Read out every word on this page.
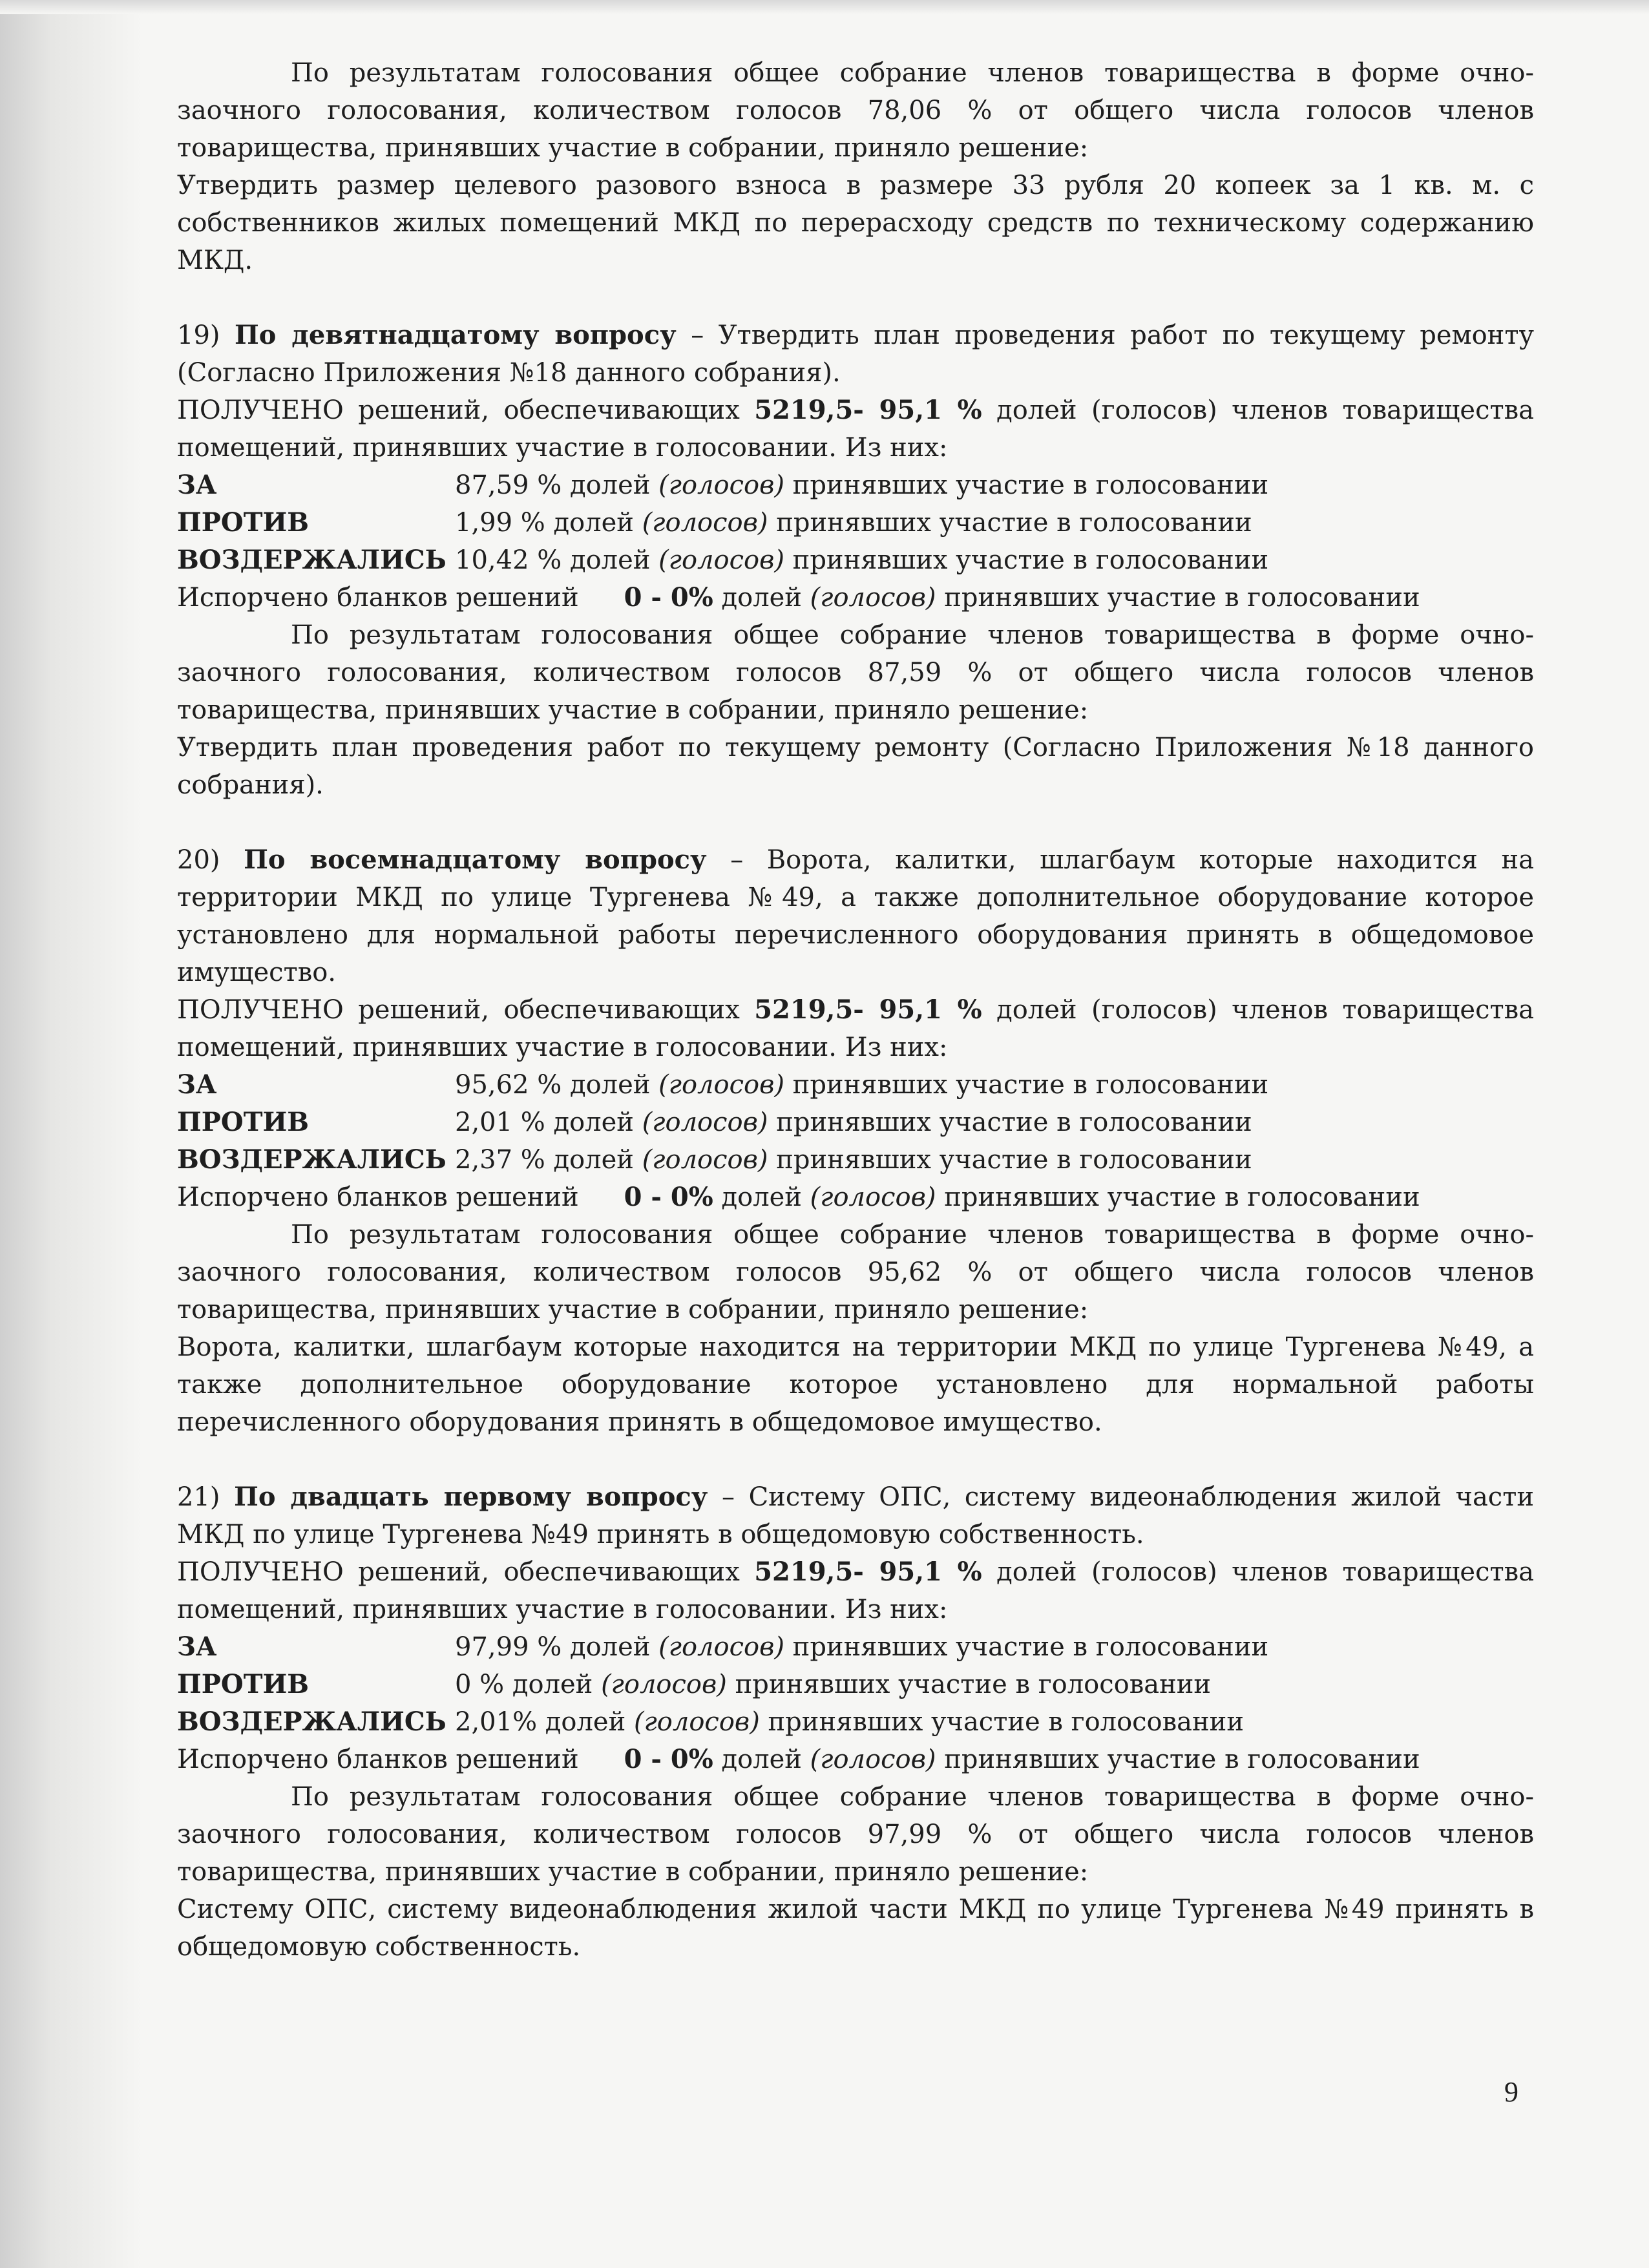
По результатам голосования общее собрание членов товарищества в форме очно-заочного голосования, количеством голосов 78,06 % от общего числа голосов членов товарищества, принявших участие в собрании, приняло решение:

Утвердить размер целевого разового взноса в размере 33 рубля 20 копеек за 1 кв. м. с собственников жилых помещений МКД по перерасходу средств по техническому содержанию МКД.

19) По девятнадцатому вопросу – Утвердить план проведения работ по текущему ремонту (Согласно Приложения №18 данного собрания).

ПОЛУЧЕНО решений, обеспечивающих 5219,5- 95,1 % долей (голосов) членов товарищества помещений, принявших участие в голосовании. Из них:

ЗА	87,59 % долей (голосов) принявших участие в голосовании
ПРОТИВ	1,99 % долей (голосов) принявших участие в голосовании
ВОЗДЕРЖАЛИСЬ 10,42 % долей (голосов) принявших участие в голосовании

Испорчено бланков решений 0 - 0% долей (голосов) принявших участие в голосовании

По результатам голосования общее собрание членов товарищества в форме очно-заочного голосования, количеством голосов 87,59 % от общего числа голосов членов товарищества, принявших участие в собрании, приняло решение:

Утвердить план проведения работ по текущему ремонту (Согласно Приложения №18 данного собрания).

20) По восемнадцатому вопросу – Ворота, калитки, шлагбаум которые находится на территории МКД по улице Тургенева №49, а также дополнительное оборудование которое установлено для нормальной работы перечисленного оборудования принять в общедомовое имущество.

ПОЛУЧЕНО решений, обеспечивающих 5219,5- 95,1 % долей (голосов) членов товарищества помещений, принявших участие в голосовании. Из них:

ЗА	95,62 % долей (голосов) принявших участие в голосовании
ПРОТИВ	2,01 % долей (голосов) принявших участие в голосовании
ВОЗДЕРЖАЛИСЬ 2,37 % долей (голосов) принявших участие в голосовании

Испорчено бланков решений 0 - 0% долей (голосов) принявших участие в голосовании

По результатам голосования общее собрание членов товарищества в форме очно-заочного голосования, количеством голосов 95,62 % от общего числа голосов членов товарищества, принявших участие в собрании, приняло решение:

Ворота, калитки, шлагбаум которые находится на территории МКД по улице Тургенева №49, а также дополнительное оборудование которое установлено для нормальной работы перечисленного оборудования принять в общедомовое имущество.

21) По двадцать первому вопросу – Систему ОПС, систему видеонаблюдения жилой части МКД по улице Тургенева №49 принять в общедомовую собственность.

ПОЛУЧЕНО решений, обеспечивающих 5219,5- 95,1 % долей (голосов) членов товарищества помещений, принявших участие в голосовании. Из них:

ЗА	97,99 % долей (голосов) принявших участие в голосовании
ПРОТИВ	0 % долей (голосов) принявших участие в голосовании
ВОЗДЕРЖАЛИСЬ 2,01% долей (голосов) принявших участие в голосовании

Испорчено бланков решений 0 - 0% долей (голосов) принявших участие в голосовании

По результатам голосования общее собрание членов товарищества в форме очно-заочного голосования, количеством голосов 97,99 % от общего числа голосов членов товарищества, принявших участие в собрании, приняло решение:

Систему ОПС, систему видеонаблюдения жилой части МКД по улице Тургенева №49 принять в общедомовую собственность.

9
